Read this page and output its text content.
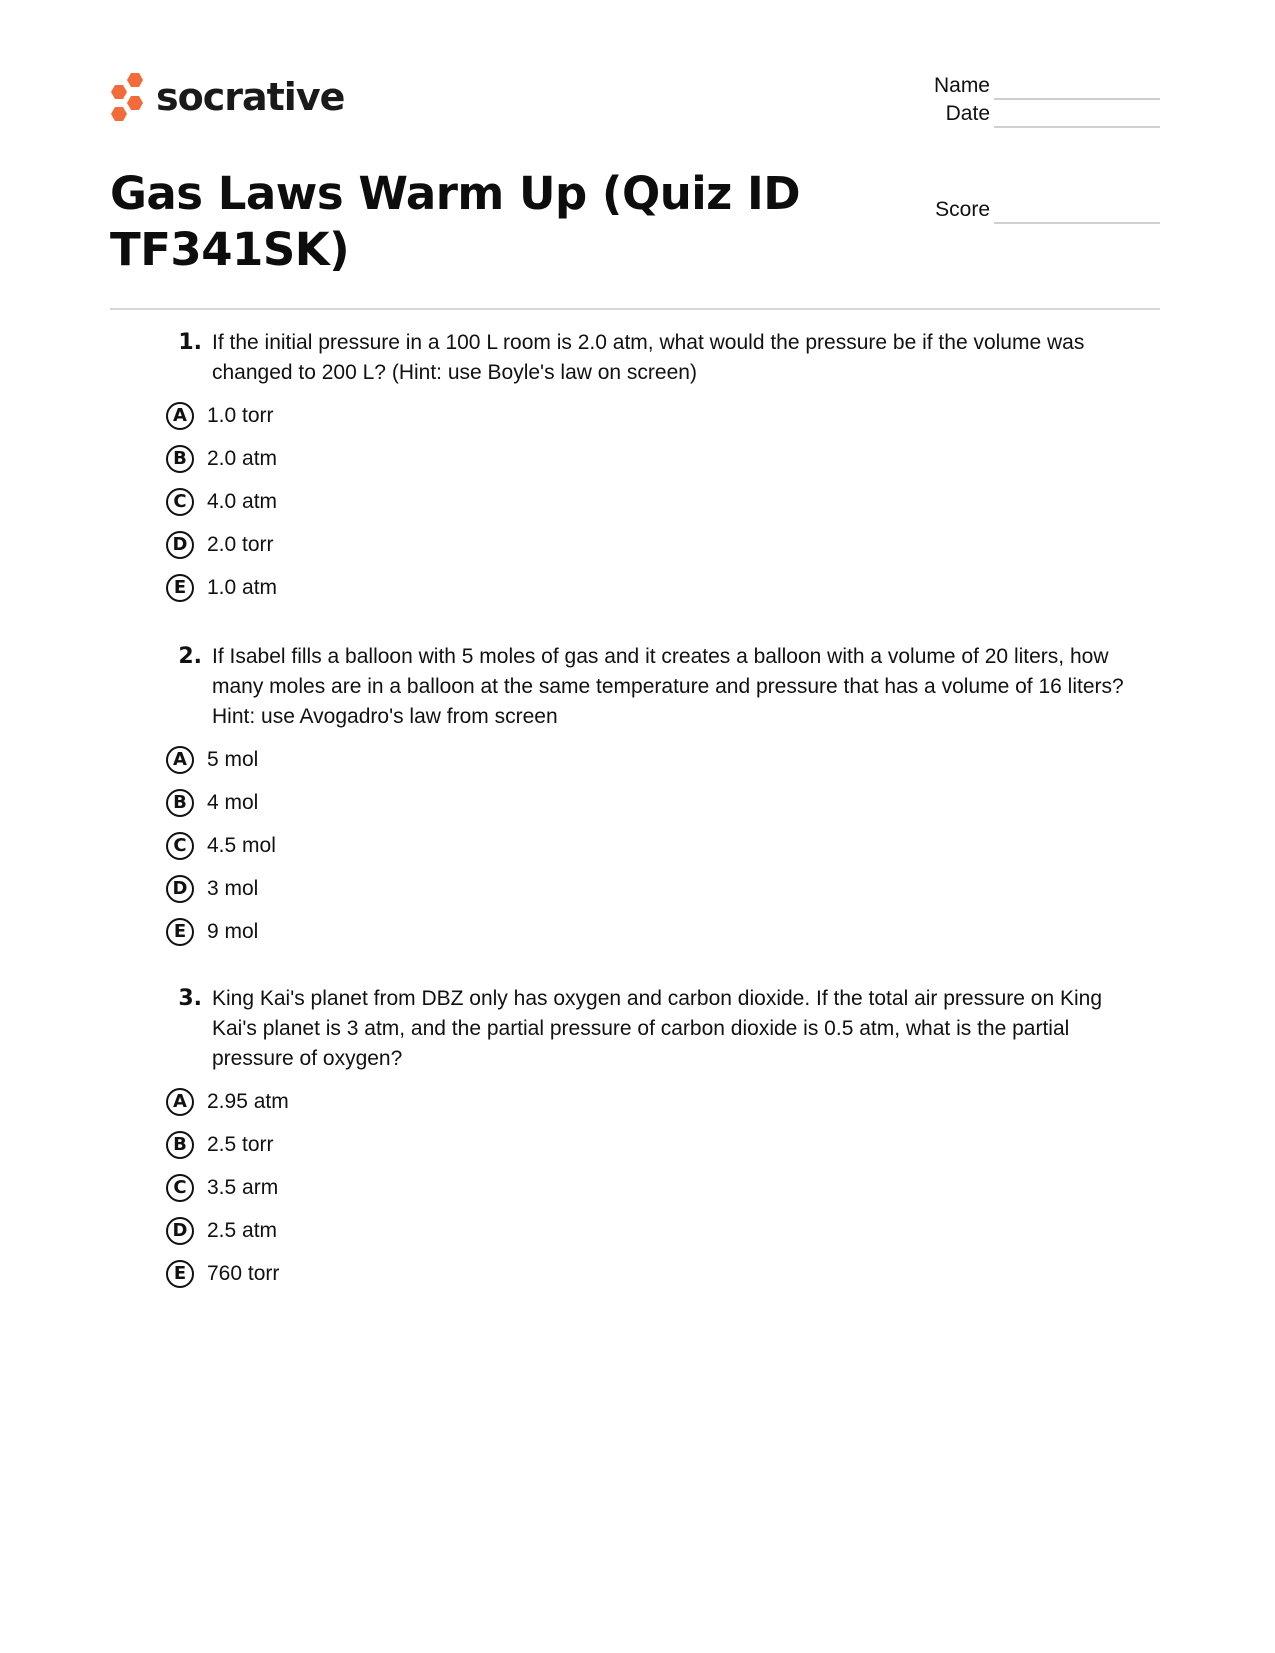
socrative	Name
Date
Score
Gas Laws Warm Up (Quiz ID TF341SK)
1. If the initial pressure in a 100 L room is 2.0 atm, what would the pressure be if the volume was changed to 200 L? (Hint: use Boyle's law on screen)
A 1.0 torr
B 2.0 atm
C 4.0 atm
D 2.0 torr
E 1.0 atm
2. If Isabel fills a balloon with 5 moles of gas and it creates a balloon with a volume of 20 liters, how many moles are in a balloon at the same temperature and pressure that has a volume of 16 liters? Hint: use Avogadro's law from screen
A 5 mol
B 4 mol
C 4.5 mol
D 3 mol
E 9 mol
3. King Kai's planet from DBZ only has oxygen and carbon dioxide. If the total air pressure on King Kai's planet is 3 atm, and the partial pressure of carbon dioxide is 0.5 atm, what is the partial pressure of oxygen?
A 2.95 atm
B 2.5 torr
C 3.5 arm
D 2.5 atm
E 760 torr
